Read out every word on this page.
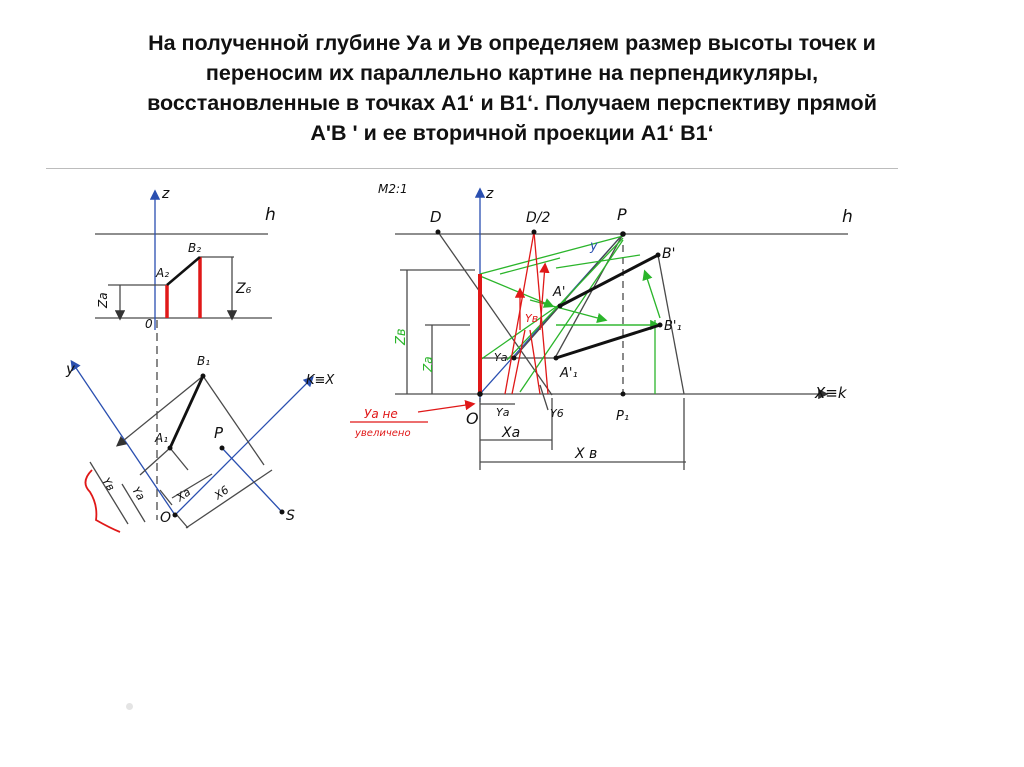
На полученной глубине Уа и Ув определяем размер высоты точек и
переносим их параллельно картине на перпендикуляры,
восстановленные в точках А1‘ и В1‘. Получаем перспективу прямой
А'В ' и ее вторичной проекции А1‘ В1‘
z
h
A₂
B₂
Zа
Z₆
0
y
K≡X
B₁
A₁	P
S
O
Yв
Yа Xа X6
М2:1	z
D	D/2	P	h
y	B'
A'
B'₁
A'₁
Zв
Zа
Yв
Yа
X≡k
O Yа	Y6	P₁
Xа
X в
Уа не
увеличено
